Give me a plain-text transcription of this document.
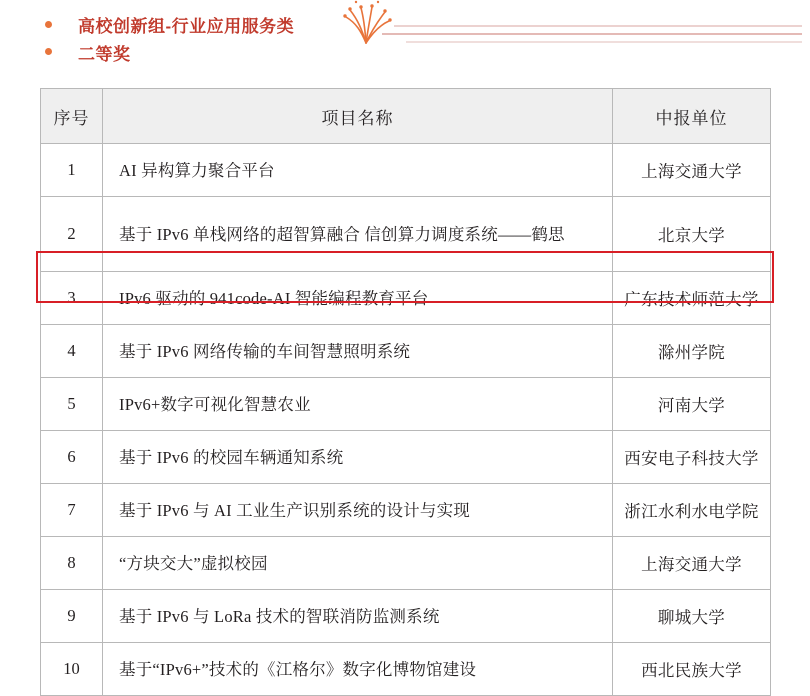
高校创新组-行业应用服务类
二等奖
序号	项目名称	中报单位
1	AI 异构算力聚合平台	上海交通大学
2	基于 IPv6 单栈网络的超智算融合 信创算力调度系统——鹤思	北京大学
3	IPv6 驱动的 941code-AI 智能编程教育平台	广东技术师范大学
4	基于 IPv6 网络传输的车间智慧照明系统	滁州学院
5	IPv6+数字可视化智慧农业	河南大学
6	基于 IPv6 的校园车辆通知系统	西安电子科技大学
7	基于 IPv6 与 AI 工业生产识别系统的设计与实现	浙江水利水电学院
8	“方块交大”虚拟校园	上海交通大学
9	基于 IPv6 与 LoRa 技术的智联消防监测系统	聊城大学
10	基于“IPv6+”技术的《江格尔》数字化博物馆建设	西北民族大学
